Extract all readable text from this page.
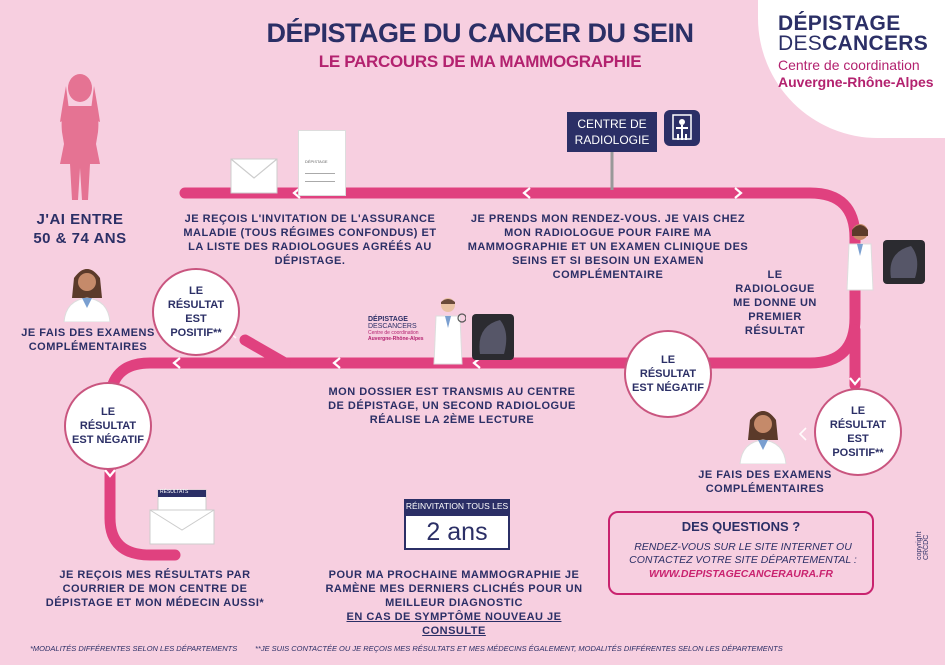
DÉPISTAGE DU CANCER DU SEIN
LE PARCOURS DE MA MAMMOGRAPHIE
DÉPISTAGE
DESCANCERS
Centre de coordination
Auvergne-Rhône-Alpes
J'AI ENTRE
50 & 74 ANS
DÉPISTAGE
CENTRE DE
RADIOLOGIE
JE REÇOIS L'INVITATION DE L'ASSURANCE MALADIE (TOUS RÉGIMES CONFONDUS) ET LA LISTE DES RADIOLOGUES AGRÉÉS AU DÉPISTAGE.
JE PRENDS MON RENDEZ-VOUS. JE VAIS CHEZ MON RADIOLOGUE POUR FAIRE MA MAMMOGRAPHIE ET UN EXAMEN CLINIQUE DES SEINS ET SI BESOIN UN EXAMEN COMPLÉMENTAIRE	LE RADIOLOGUE ME DONNE UN PREMIER RÉSULTAT
LE RÉSULTAT EST NÉGATIF
LE RÉSULTAT EST POSITIF**
LE RÉSULTAT EST POSITIF**
LE RÉSULTAT EST NÉGATIF
JE FAIS DES EXAMENS COMPLÉMENTAIRES
JE FAIS DES EXAMENS COMPLÉMENTAIRES
DÉPISTAGE
DESCANCERS
Centre de coordination
Auvergne-Rhône-Alpes
MON DOSSIER EST TRANSMIS AU CENTRE DE DÉPISTAGE, UN SECOND RADIOLOGUE RÉALISE LA 2ÈME LECTURE
RÉSULTATS
JE REÇOIS MES RÉSULTATS PAR COURRIER DE MON CENTRE DE DÉPISTAGE ET MON MÉDECIN AUSSI*
RÉINVITATION TOUS LES
2 ans
POUR MA PROCHAINE MAMMOGRAPHIE JE RAMÈNE MES DERNIERS CLICHÉS POUR UN MEILLEUR DIAGNOSTIC
EN CAS DE SYMPTÔME NOUVEAU JE CONSULTE
DES QUESTIONS ?
RENDEZ-VOUS SUR LE SITE INTERNET OU CONTACTEZ VOTRE SITE DÉPARTEMENTAL :
WWW.DEPISTAGECANCERAURA.FR
*MODALITÉS DIFFÉRENTES SELON LES DÉPARTEMENTS **JE SUIS CONTACTÉE OU JE REÇOIS MES RÉSULTATS ET MES MÉDECINS ÉGALEMENT, MODALITÉS DIFFÉRENTES SELON LES DÉPARTEMENTS
copyright CRCDC
